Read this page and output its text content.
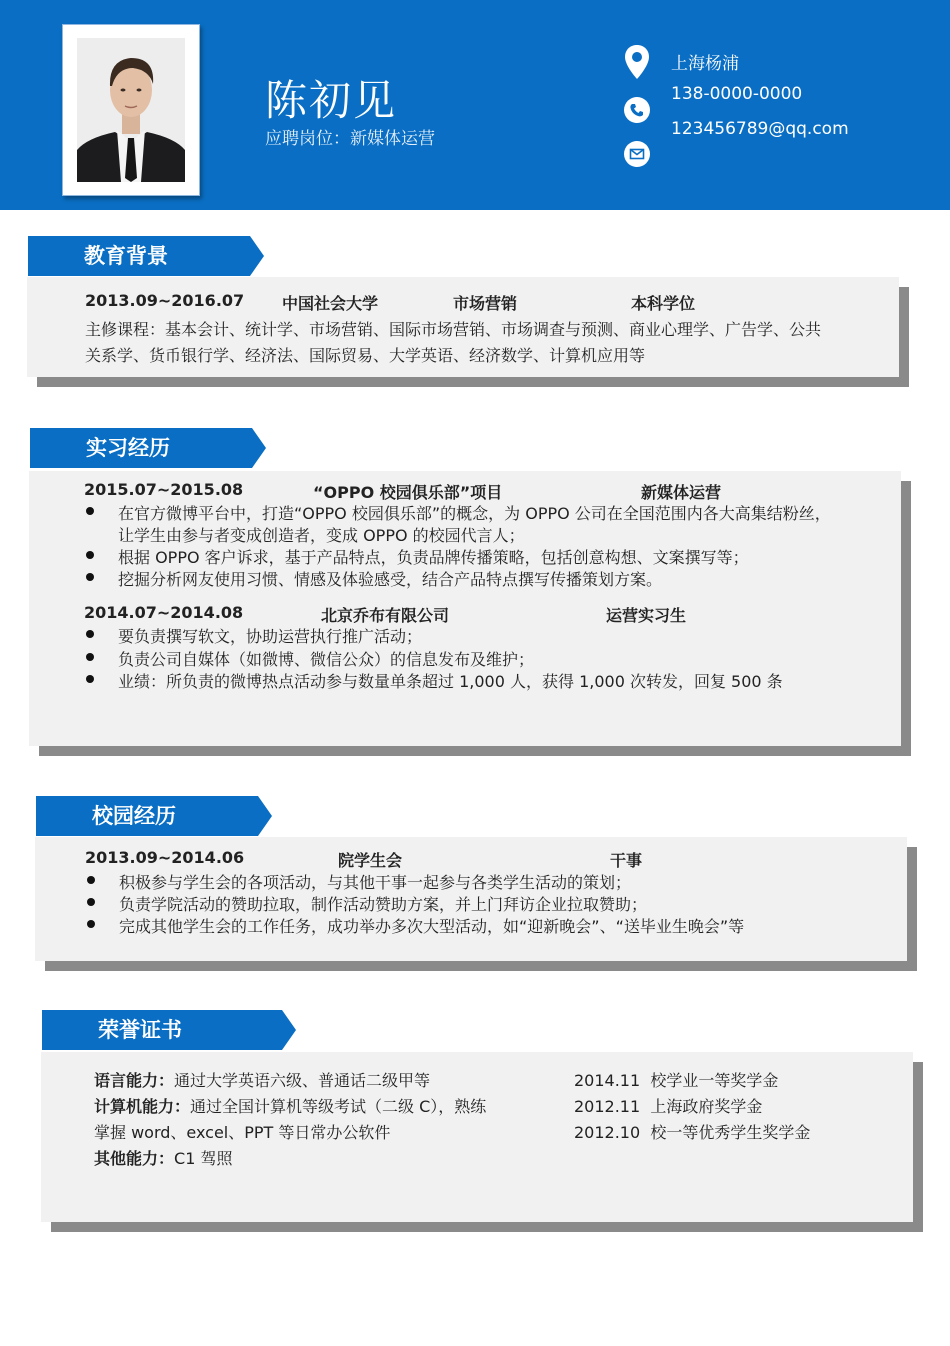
陈初见
应聘岗位：新媒体运营
上海杨浦
138-0000-0000
123456789@qq.com
教育背景
2013.09~2016.07 中国社会大学	市场营销	本科学位
主修课程：基本会计、统计学、市场营销、国际市场营销、市场调查与预测、商业心理学、广告学、公共
关系学、货币银行学、经济法、国际贸易、大学英语、经济数学、计算机应用等
实习经历
2015.07~2015.08	“OPPO 校园俱乐部”项目	新媒体运营
在官方微博平台中，打造“OPPO 校园俱乐部”的概念，为 OPPO 公司在全国范围内各大高集结粉丝，
让学生由参与者变成创造者，变成 OPPO 的校园代言人；
根据 OPPO 客户诉求，基于产品特点，负责品牌传播策略，包括创意构想、文案撰写等；
挖掘分析网友使用习惯、情感及体验感受，结合产品特点撰写传播策划方案。
2014.07~2014.08	北京乔布有限公司	运营实习生
要负责撰写软文，协助运营执行推广活动；
负责公司自媒体（如微博、微信公众）的信息发布及维护；
业绩：所负责的微博热点活动参与数量单条超过 1,000 人，获得 1,000 次转发，回复 500 条
校园经历
2013.09~2014.06	院学生会	干事
积极参与学生会的各项活动，与其他干事一起参与各类学生活动的策划；
负责学院活动的赞助拉取，制作活动赞助方案，并上门拜访企业拉取赞助；
完成其他学生会的工作任务，成功举办多次大型活动，如“迎新晚会”、“送毕业生晚会”等
荣誉证书
语言能力：通过大学英语六级、普通话二级甲等
计算机能力：通过全国计算机等级考试（二级 C），熟练
掌握 word、excel、PPT 等日常办公软件
其他能力：C1 驾照
2014.11 校学业一等奖学金
2012.11 上海政府奖学金
2012.10 校一等优秀学生奖学金
